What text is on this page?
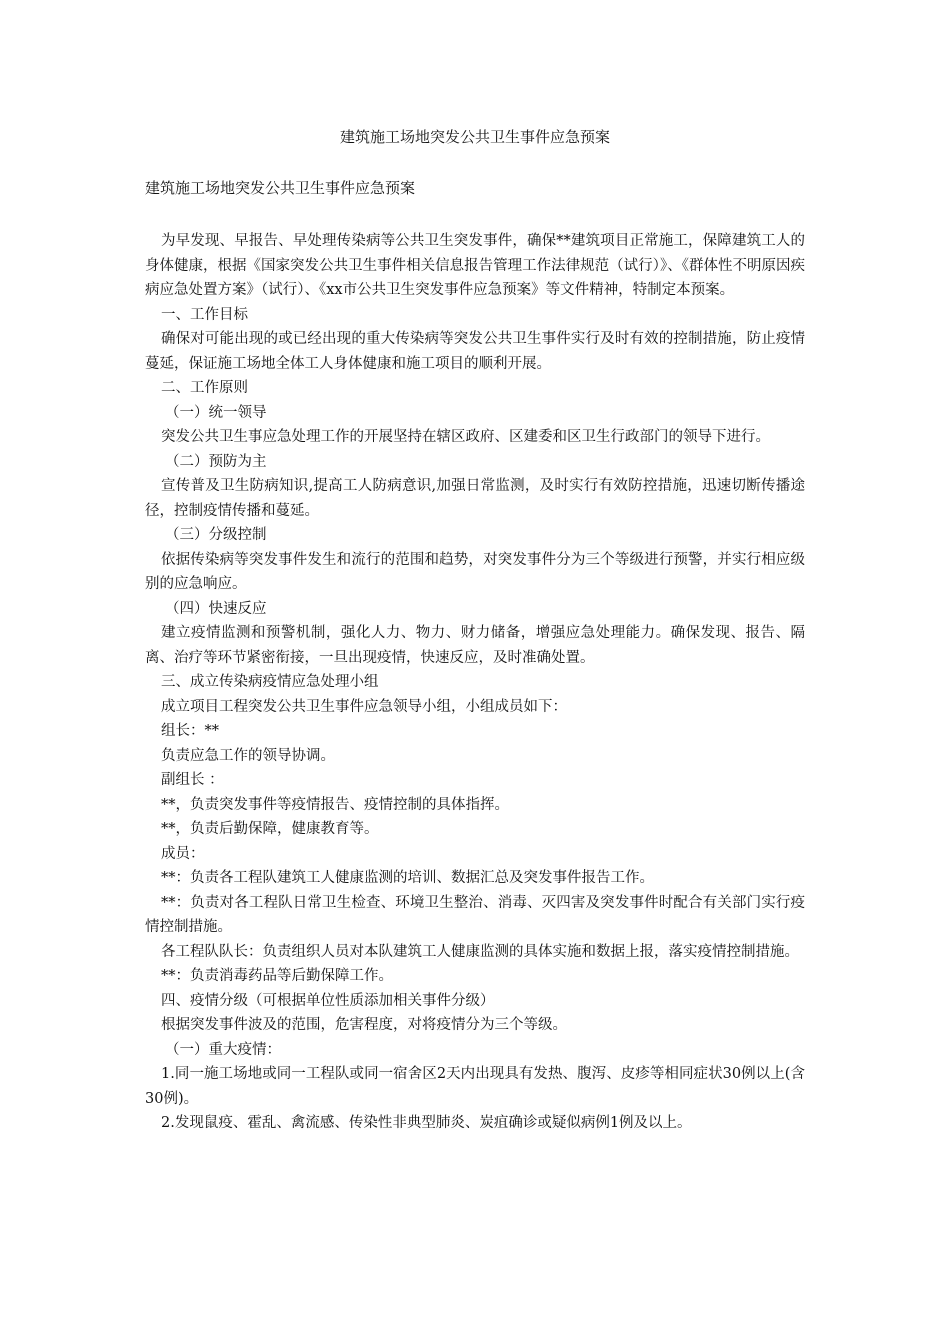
建筑施工场地突发公共卫生事件应急预案
建筑施工场地突发公共卫生事件应急预案

为早发现、早报告、早处理传染病等公共卫生突发事件，确保**建筑项目正常施工，保障建筑工人的身体健康，根据《国家突发公共卫生事件相关信息报告管理工作法律规范（试行）》、《群体性不明原因疾病应急处置方案》（试行）、《xx市公共卫生突发事件应急预案》等文件精神，特制定本预案。

一、工作目标

确保对可能出现的或已经出现的重大传染病等突发公共卫生事件实行及时有效的控制措施，防止疫情蔓延，保证施工场地全体工人身体健康和施工项目的顺利开展。

二、工作原则

（一）统一领导

突发公共卫生事应急处理工作的开展坚持在辖区政府、区建委和区卫生行政部门的领导下进行。

（二）预防为主

宣传普及卫生防病知识,提高工人防病意识,加强日常监测，及时实行有效防控措施，迅速切断传播途径，控制疫情传播和蔓延。

（三）分级控制

依据传染病等突发事件发生和流行的范围和趋势，对突发事件分为三个等级进行预警，并实行相应级别的应急响应。

（四）快速反应

建立疫情监测和预警机制，强化人力、物力、财力储备，增强应急处理能力。确保发现、报告、隔离、治疗等环节紧密衔接，一旦出现疫情，快速反应，及时准确处置。

三、成立传染病疫情应急处理小组

成立项目工程突发公共卫生事件应急领导小组，小组成员如下：

组长：**

负责应急工作的领导协调。

副组长 ：

**，负责突发事件等疫情报告、疫情控制的具体指挥。

**，负责后勤保障，健康教育等。

成员：

**：负责各工程队建筑工人健康监测的培训、数据汇总及突发事件报告工作。

**：负责对各工程队日常卫生检查、环境卫生整治、消毒、灭四害及突发事件时配合有关部门实行疫情控制措施。

各工程队队长：负责组织人员对本队建筑工人健康监测的具体实施和数据上报，落实疫情控制措施。

**：负责消毒药品等后勤保障工作。

四、疫情分级（可根据单位性质添加相关事件分级）

根据突发事件波及的范围，危害程度，对将疫情分为三个等级。

（一）重大疫情：

1.同一施工场地或同一工程队或同一宿舍区2天内出现具有发热、腹泻、皮疹等相同症状30例以上(含30例)。

2.发现鼠疫、霍乱、禽流感、传染性非典型肺炎、炭疽确诊或疑似病例1例及以上。
